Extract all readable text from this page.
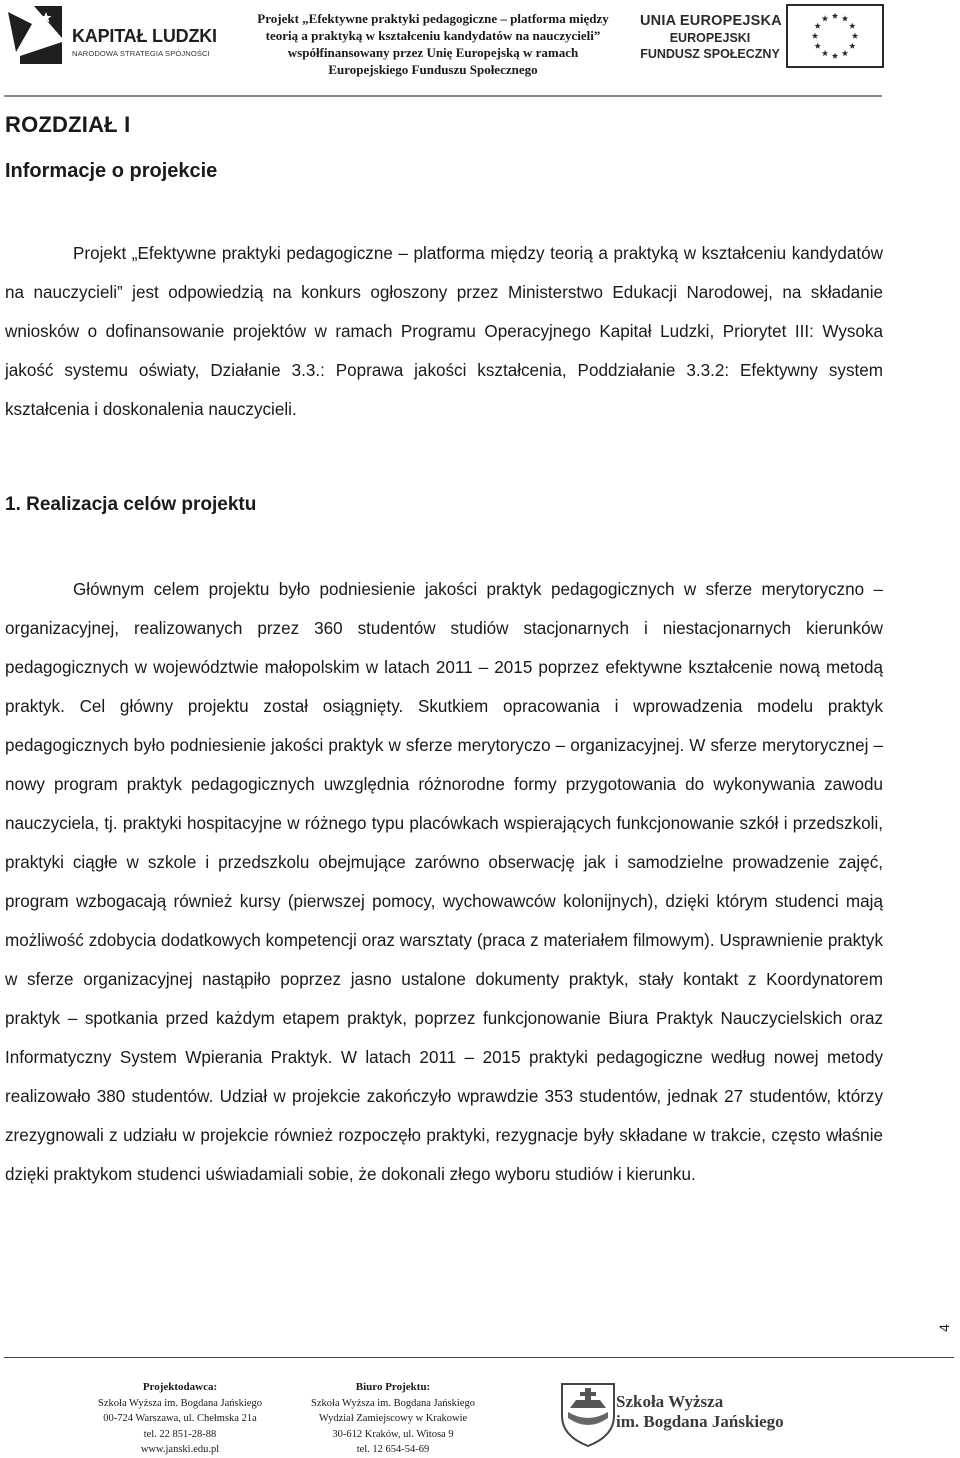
KAPITAŁ LUDZKI
NARODOWA STRATEGIA SPÓJNOŚCI
Projekt „Efektywne praktyki pedagogiczne – platforma między
teorią a praktyką w kształceniu kandydatów na nauczycieli”
współfinansowany przez Unię Europejską w ramach
Europejskiego Funduszu Społecznego
UNIA EUROPEJSKA
EUROPEJSKI
FUNDUSZ SPOŁECZNY
ROZDZIAŁ I
Informacje o projekcie

Projekt „Efektywne praktyki pedagogiczne – platforma między teorią a praktyką w kształceniu kandydatów na nauczycieli” jest odpowiedzią na konkurs ogłoszony przez Ministerstwo Edukacji Narodowej, na składanie wniosków o dofinansowanie projektów w ramach Programu Operacyjnego Kapitał Ludzki, Priorytet III: Wysoka jakość systemu oświaty, Działanie 3.3.: Poprawa jakości kształcenia, Poddziałanie 3.3.2: Efektywny system kształcenia i doskonalenia nauczycieli.

1. Realizacja celów projektu

Głównym celem projektu było podniesienie jakości praktyk pedagogicznych w sferze merytoryczno – organizacyjnej, realizowanych przez 360 studentów studiów stacjonarnych i niestacjonarnych kierunków pedagogicznych w województwie małopolskim w latach 2011 – 2015 poprzez efektywne kształcenie nową metodą praktyk. Cel główny projektu został osiągnięty. Skutkiem opracowania i wprowadzenia modelu praktyk pedagogicznych było podniesienie jakości praktyk w sferze merytoryczo – organizacyjnej. W sferze merytorycznej – nowy program praktyk pedagogicznych uwzględnia różnorodne formy przygotowania do wykonywania zawodu nauczyciela, tj. praktyki hospitacyjne w różnego typu placówkach wspierających funkcjonowanie szkół i przedszkoli, praktyki ciągłe w szkole i przedszkolu obejmujące zarówno obserwację jak i samodzielne prowadzenie zajęć, program wzbogacają również kursy (pierwszej pomocy, wychowawców kolonijnych), dzięki którym studenci mają możliwość zdobycia dodatkowych kompetencji oraz warsztaty (praca z materiałem filmowym). Usprawnienie praktyk w sferze organizacyjnej nastąpiło poprzez jasno ustalone dokumenty praktyk, stały kontakt z Koordynatorem praktyk – spotkania przed każdym etapem praktyk, poprzez funkcjonowanie Biura Praktyk Nauczycielskich oraz Informatyczny System Wpierania Praktyk. W latach 2011 – 2015 praktyki pedagogiczne według nowej metody realizowało 380 studentów. Udział w projekcie zakończyło wprawdzie 353 studentów, jednak 27 studentów, którzy zrezygnowali z udziału w projekcie również rozpoczęło praktyki, rezygnacje były składane w trakcie, często właśnie dzięki praktykom studenci uświadamiali sobie, że dokonali złego wyboru studiów i kierunku.

4
Projektodawca:
Szkoła Wyższa im. Bogdana Jańskiego
00-724 Warszawa, ul. Chełmska 21a
tel. 22 851-28-88
www.janski.edu.pl
Biuro Projektu:
Szkoła Wyższa im. Bogdana Jańskiego
Wydział Zamiejscowy w Krakowie
30-612 Kraków, ul. Witosa 9
tel. 12 654-54-69
Szkoła Wyższa
im. Bogdana Jańskiego
